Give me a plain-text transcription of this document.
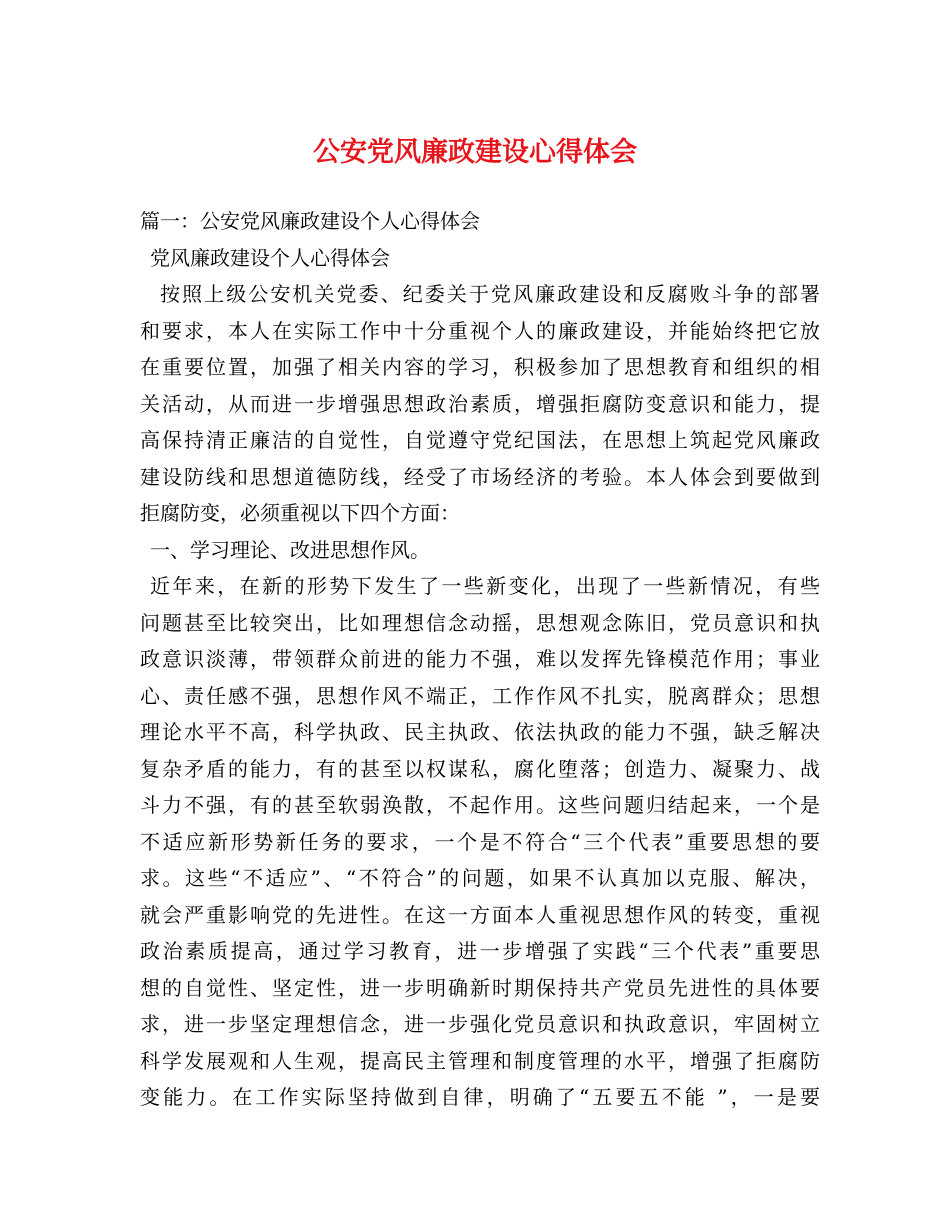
公安党风廉政建设心得体会
篇一：公安党风廉政建设个人心得体会
党风廉政建设个人心得体会
按照上级公安机关党委、纪委关于党风廉政建设和反腐败斗争的部署
和要求，本人在实际工作中十分重视个人的廉政建设，并能始终把它放
在重要位置，加强了相关内容的学习，积极参加了思想教育和组织的相
关活动，从而进一步增强思想政治素质，增强拒腐防变意识和能力，提
高保持清正廉洁的自觉性，自觉遵守党纪国法，在思想上筑起党风廉政
建设防线和思想道德防线，经受了市场经济的考验。本人体会到要做到
拒腐防变，必须重视以下四个方面：
一、学习理论、改进思想作风。
近年来，在新的形势下发生了一些新变化，出现了一些新情况，有些
问题甚至比较突出，比如理想信念动摇，思想观念陈旧，党员意识和执
政意识淡薄，带领群众前进的能力不强，难以发挥先锋模范作用；事业
心、责任感不强，思想作风不端正，工作作风不扎实，脱离群众；思想
理论水平不高，科学执政、民主执政、依法执政的能力不强，缺乏解决
复杂矛盾的能力，有的甚至以权谋私，腐化堕落；创造力、凝聚力、战
斗力不强，有的甚至软弱涣散，不起作用。这些问题归结起来，一个是
不适应新形势新任务的要求，一个是不符合“三个代表”重要思想的要
求。这些“不适应”、“不符合”的问题，如果不认真加以克服、解决，
就会严重影响党的先进性。在这一方面本人重视思想作风的转变，重视
政治素质提高，通过学习教育，进一步增强了实践“三个代表”重要思
想的自觉性、坚定性，进一步明确新时期保持共产党员先进性的具体要
求，进一步坚定理想信念，进一步强化党员意识和执政意识，牢固树立
科学发展观和人生观，提高民主管理和制度管理的水平，增强了拒腐防
变能力。在工作实际坚持做到自律，明确了“五要五不能 ”，一是要
